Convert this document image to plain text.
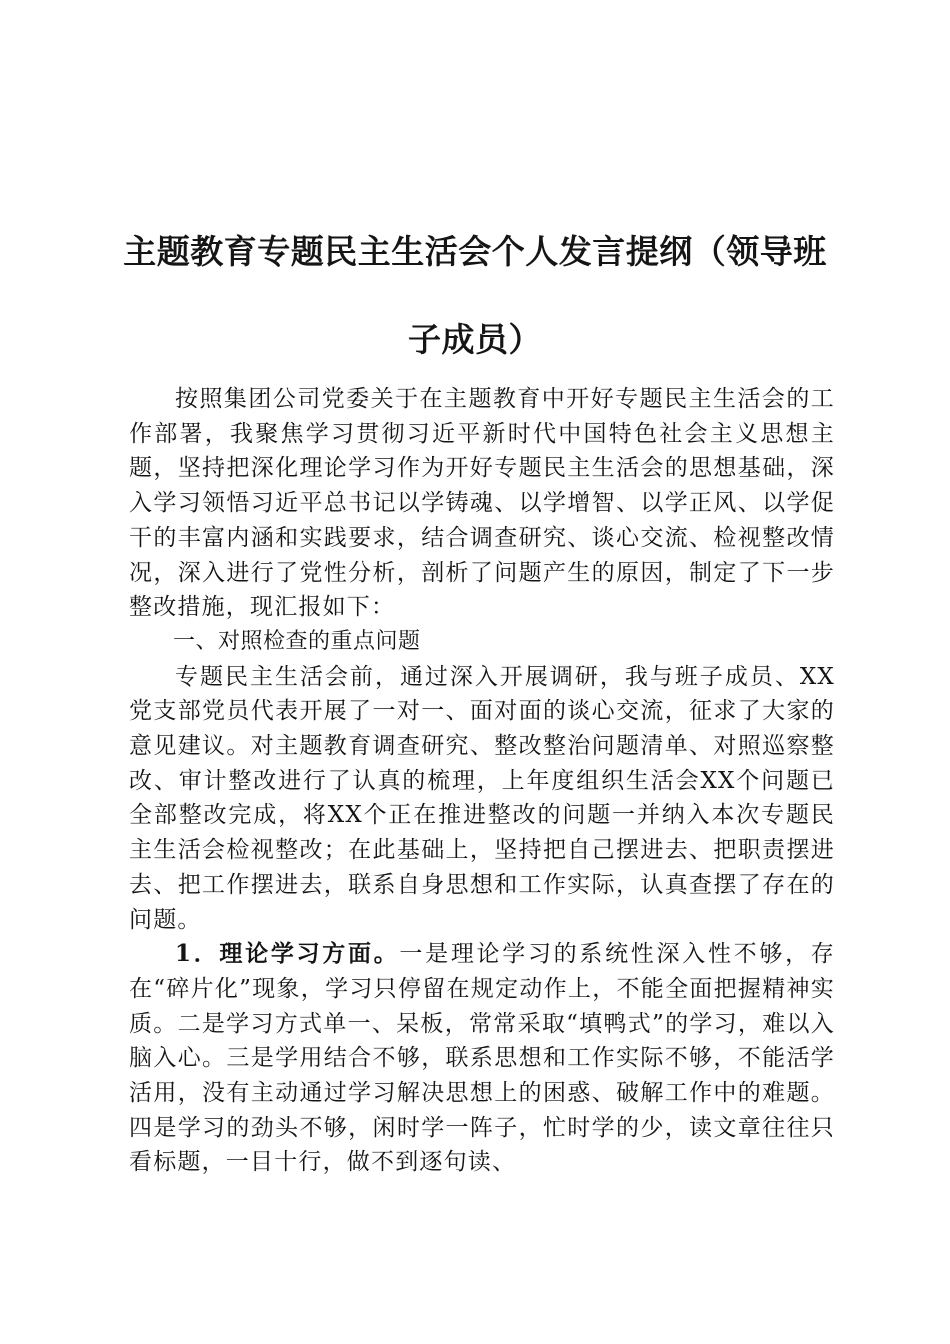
主题教育专题民主生活会个人发言提纲（领导班子成员）

按照集团公司党委关于在主题教育中开好专题民主生活会的工作部署，我聚焦学习贯彻习近平新时代中国特色社会主义思想主题，坚持把深化理论学习作为开好专题民主生活会的思想基础，深入学习领悟习近平总书记以学铸魂、以学增智、以学正风、以学促干的丰富内涵和实践要求，结合调查研究、谈心交流、检视整改情况，深入进行了党性分析，剖析了问题产生的原因，制定了下一步整改措施，现汇报如下：

一、对照检查的重点问题

专题民主生活会前，通过深入开展调研，我与班子成员、XX党支部党员代表开展了一对一、面对面的谈心交流，征求了大家的意见建议。对主题教育调查研究、整改整治问题清单、对照巡察整改、审计整改进行了认真的梳理，上年度组织生活会XX个问题已全部整改完成，将XX个正在推进整改的问题一并纳入本次专题民主生活会检视整改；在此基础上，坚持把自己摆进去、把职责摆进去、把工作摆进去，联系自身思想和工作实际，认真查摆了存在的问题。

1．理论学习方面。一是理论学习的系统性深入性不够，存在“碎片化”现象，学习只停留在规定动作上，不能全面把握精神实质。二是学习方式单一、呆板，常常采取“填鸭式”的学习，难以入脑入心。三是学用结合不够，联系思想和工作实际不够，不能活学活用，没有主动通过学习解决思想上的困惑、破解工作中的难题。四是学习的劲头不够，闲时学一阵子，忙时学的少，读文章往往只看标题，一目十行，做不到逐句读、
